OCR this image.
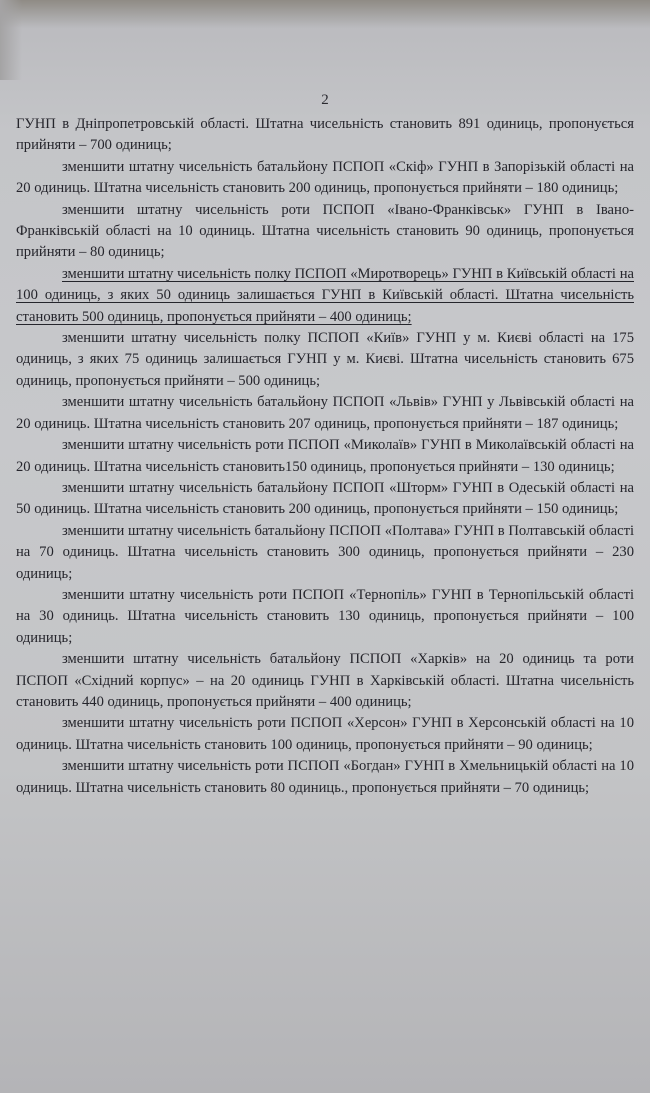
2

ГУНП в Дніпропетровській області. Штатна чисельність становить 891 одиниць, пропонується прийняти – 700 одиниць;

зменшити штатну чисельність батальйону ПСПОП «Скіф» ГУНП в Запорізькій області на 20 одиниць. Штатна чисельність становить 200 одиниць, пропонується прийняти – 180 одиниць;

зменшити штатну чисельність роти ПСПОП «Івано-Франківськ» ГУНП в Івано-Франківській області на 10 одиниць. Штатна чисельність становить 90 одиниць, пропонується прийняти – 80 одиниць;

зменшити штатну чисельність полку ПСПОП «Миротворець» ГУНП в Київській області на 100 одиниць, з яких 50 одиниць залишається ГУНП в Київській області. Штатна чисельність становить 500 одиниць, пропонується прийняти – 400 одиниць;

зменшити штатну чисельність полку ПСПОП «Київ» ГУНП у м. Києві області на 175 одиниць, з яких 75 одиниць залишається ГУНП у м. Києві. Штатна чисельність становить 675 одиниць, пропонується прийняти – 500 одиниць;

зменшити штатну чисельність батальйону ПСПОП «Львів» ГУНП у Львівській області на 20 одиниць. Штатна чисельність становить 207 одиниць, пропонується прийняти – 187 одиниць;

зменшити штатну чисельність роти ПСПОП «Миколаїв» ГУНП в Миколаївській області на 20 одиниць. Штатна чисельність становить150 одиниць, пропонується прийняти – 130 одиниць;

зменшити штатну чисельність батальйону ПСПОП «Шторм» ГУНП в Одеській області на 50 одиниць. Штатна чисельність становить 200 одиниць, пропонується прийняти – 150 одиниць;

зменшити штатну чисельність батальйону ПСПОП «Полтава» ГУНП в Полтавській області на 70 одиниць. Штатна чисельність становить 300 одиниць, пропонується прийняти – 230 одиниць;

зменшити штатну чисельність роти ПСПОП «Тернопіль» ГУНП в Тернопільській області на 30 одиниць. Штатна чисельність становить 130 одиниць, пропонується прийняти – 100 одиниць;

зменшити штатну чисельність батальйону ПСПОП «Харків» на 20 одиниць та роти ПСПОП «Східний корпус» – на 20 одиниць ГУНП в Харківській області. Штатна чисельність становить 440 одиниць, пропонується прийняти – 400 одиниць;

зменшити штатну чисельність роти ПСПОП «Херсон» ГУНП в Херсонській області на 10 одиниць. Штатна чисельність становить 100 одиниць, пропонується прийняти – 90 одиниць;

зменшити штатну чисельність роти ПСПОП «Богдан» ГУНП в Хмельницькій області на 10 одиниць. Штатна чисельність становить 80 одиниць., пропонується прийняти – 70 одиниць;
